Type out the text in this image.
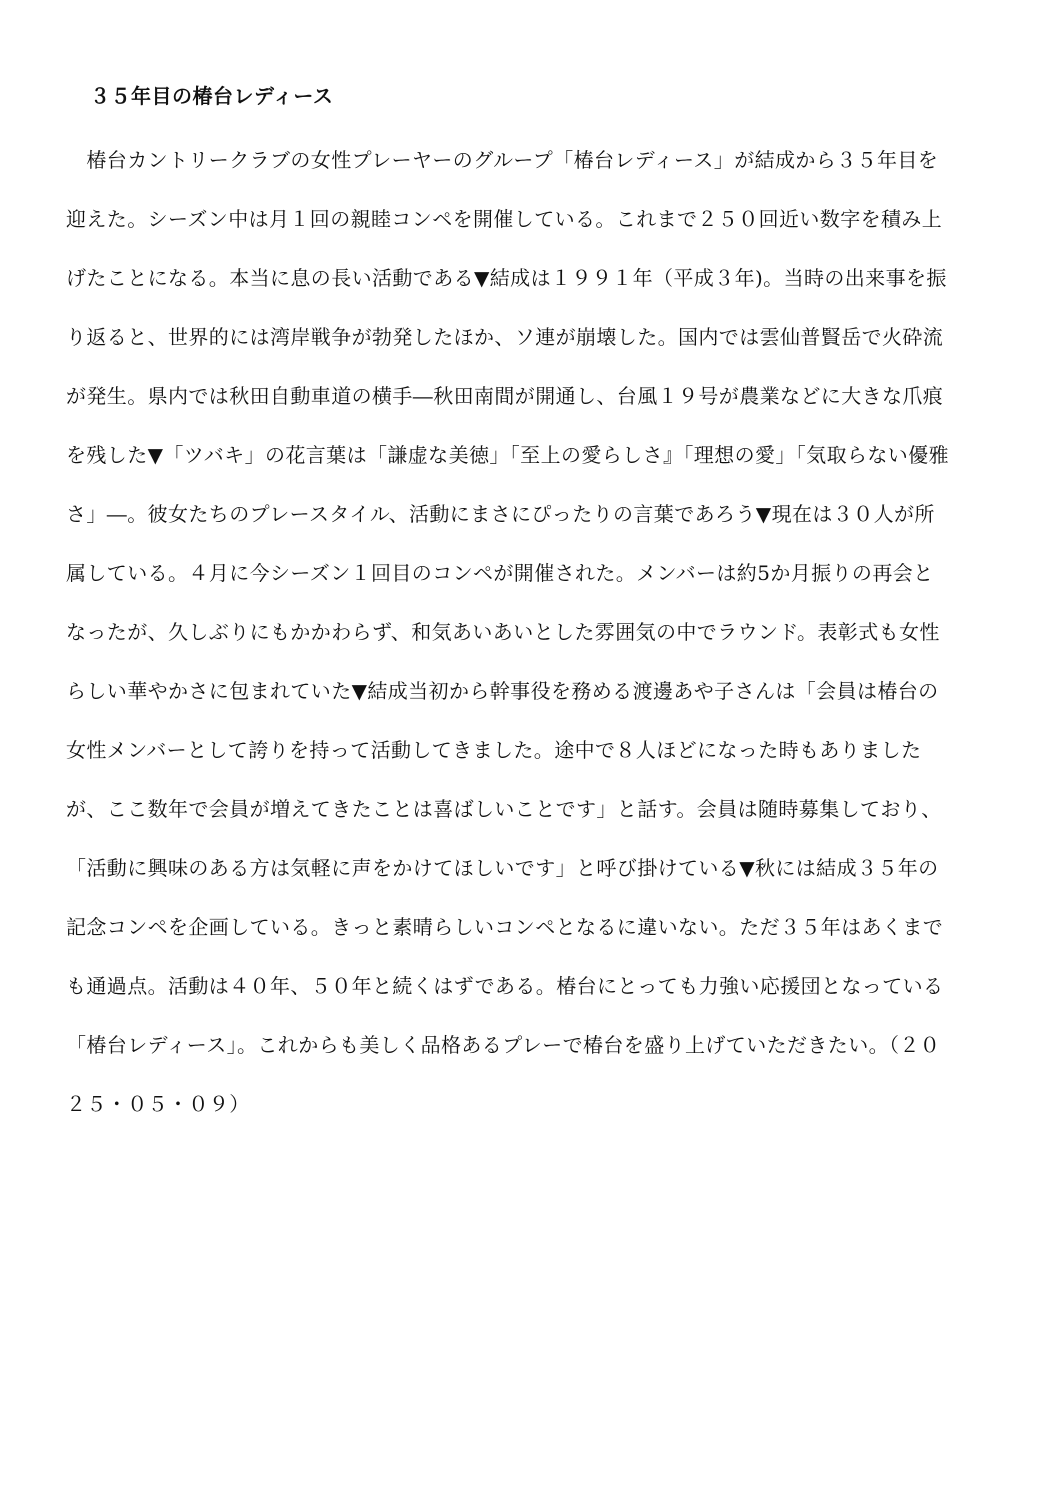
３５年目の椿台レディース
　椿台カントリークラブの女性プレーヤーのグループ「椿台レディース」が結成から３５年目を
迎えた。シーズン中は月１回の親睦コンペを開催している。これまで２５０回近い数字を積み上
げたことになる。本当に息の長い活動である▼結成は１９９１年（平成３年)。当時の出来事を振
り返ると、世界的には湾岸戦争が勃発したほか、ソ連が崩壊した。国内では雲仙普賢岳で火砕流
が発生。県内では秋田自動車道の横手―秋田南間が開通し、台風１９号が農業などに大きな爪痕
を残した▼「ツバキ」の花言葉は「謙虚な美徳」「至上の愛らしさ』「理想の愛」「気取らない優雅
さ」―。彼女たちのプレースタイル、活動にまさにぴったりの言葉であろう▼現在は３０人が所
属している。４月に今シーズン１回目のコンペが開催された。メンバーは約5か月振りの再会と
なったが、久しぶりにもかかわらず、和気あいあいとした雰囲気の中でラウンド。表彰式も女性
らしい華やかさに包まれていた▼結成当初から幹事役を務める渡邊あや子さんは「会員は椿台の
女性メンバーとして誇りを持って活動してきました。途中で８人ほどになった時もありました
が、ここ数年で会員が増えてきたことは喜ばしいことです」と話す。会員は随時募集しており、
「活動に興味のある方は気軽に声をかけてほしいです」と呼び掛けている▼秋には結成３５年の
記念コンペを企画している。きっと素晴らしいコンペとなるに違いない。ただ３５年はあくまで
も通過点。活動は４０年、５０年と続くはずである。椿台にとっても力強い応援団となっている
「椿台レディース」。これからも美しく品格あるプレーで椿台を盛り上げていただきたい。（２０
２５・０５・０９）
